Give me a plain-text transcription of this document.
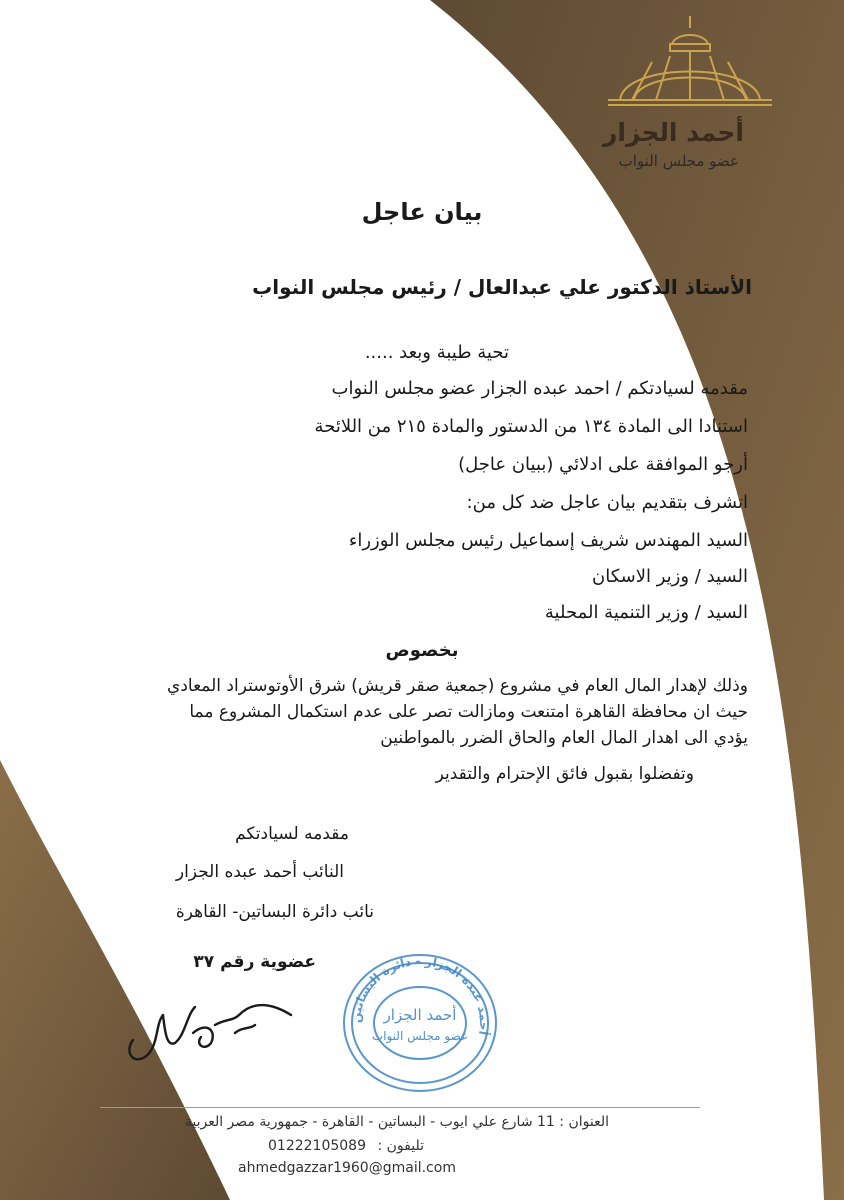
أحمد الجزار

عضو مجلس النواب

بيان عاجل

الأستاذ الدكتور علي عبدالعال / رئيس مجلس النواب

تحية طيبة وبعد .....

مقدمه لسيادتكم / احمد عبده الجزار عضو مجلس النواب

استنادا الى المادة ١٣٤ من الدستور والمادة ٢١٥ من اللائحة

أرجو الموافقة على ادلائي (ببيان عاجل)

اتشرف بتقديم بيان عاجل ضد كل من:

السيد المهندس شريف إسماعيل رئيس مجلس الوزراء

السيد / وزير الاسكان

السيد / وزير التنمية المحلية

بخصوص

وذلك لإهدار المال العام في مشروع (جمعية صقر قريش) شرق الأوتوستراد المعادي

حيث ان محافظة القاهرة امتنعت ومازالت تصر على عدم استكمال المشروع مما

يؤدي الى اهدار المال العام والحاق الضرر بالمواطنين

وتفضلوا بقبول فائق الإحترام والتقدير

مقدمه لسيادتكم

النائب أحمد عبده الجزار

نائب دائرة البساتين- القاهرة

عضوية رقم ٣٧

أحمد عبده الجزار - دائرة البساتين
أحمد الجزار
عضو مجلس النواب

العنوان : 11 شارع علي ايوب - البساتين - القاهرة - جمهورية مصر العربية

تليفون :

01222105089

ahmedgazzar1960@gmail.com
